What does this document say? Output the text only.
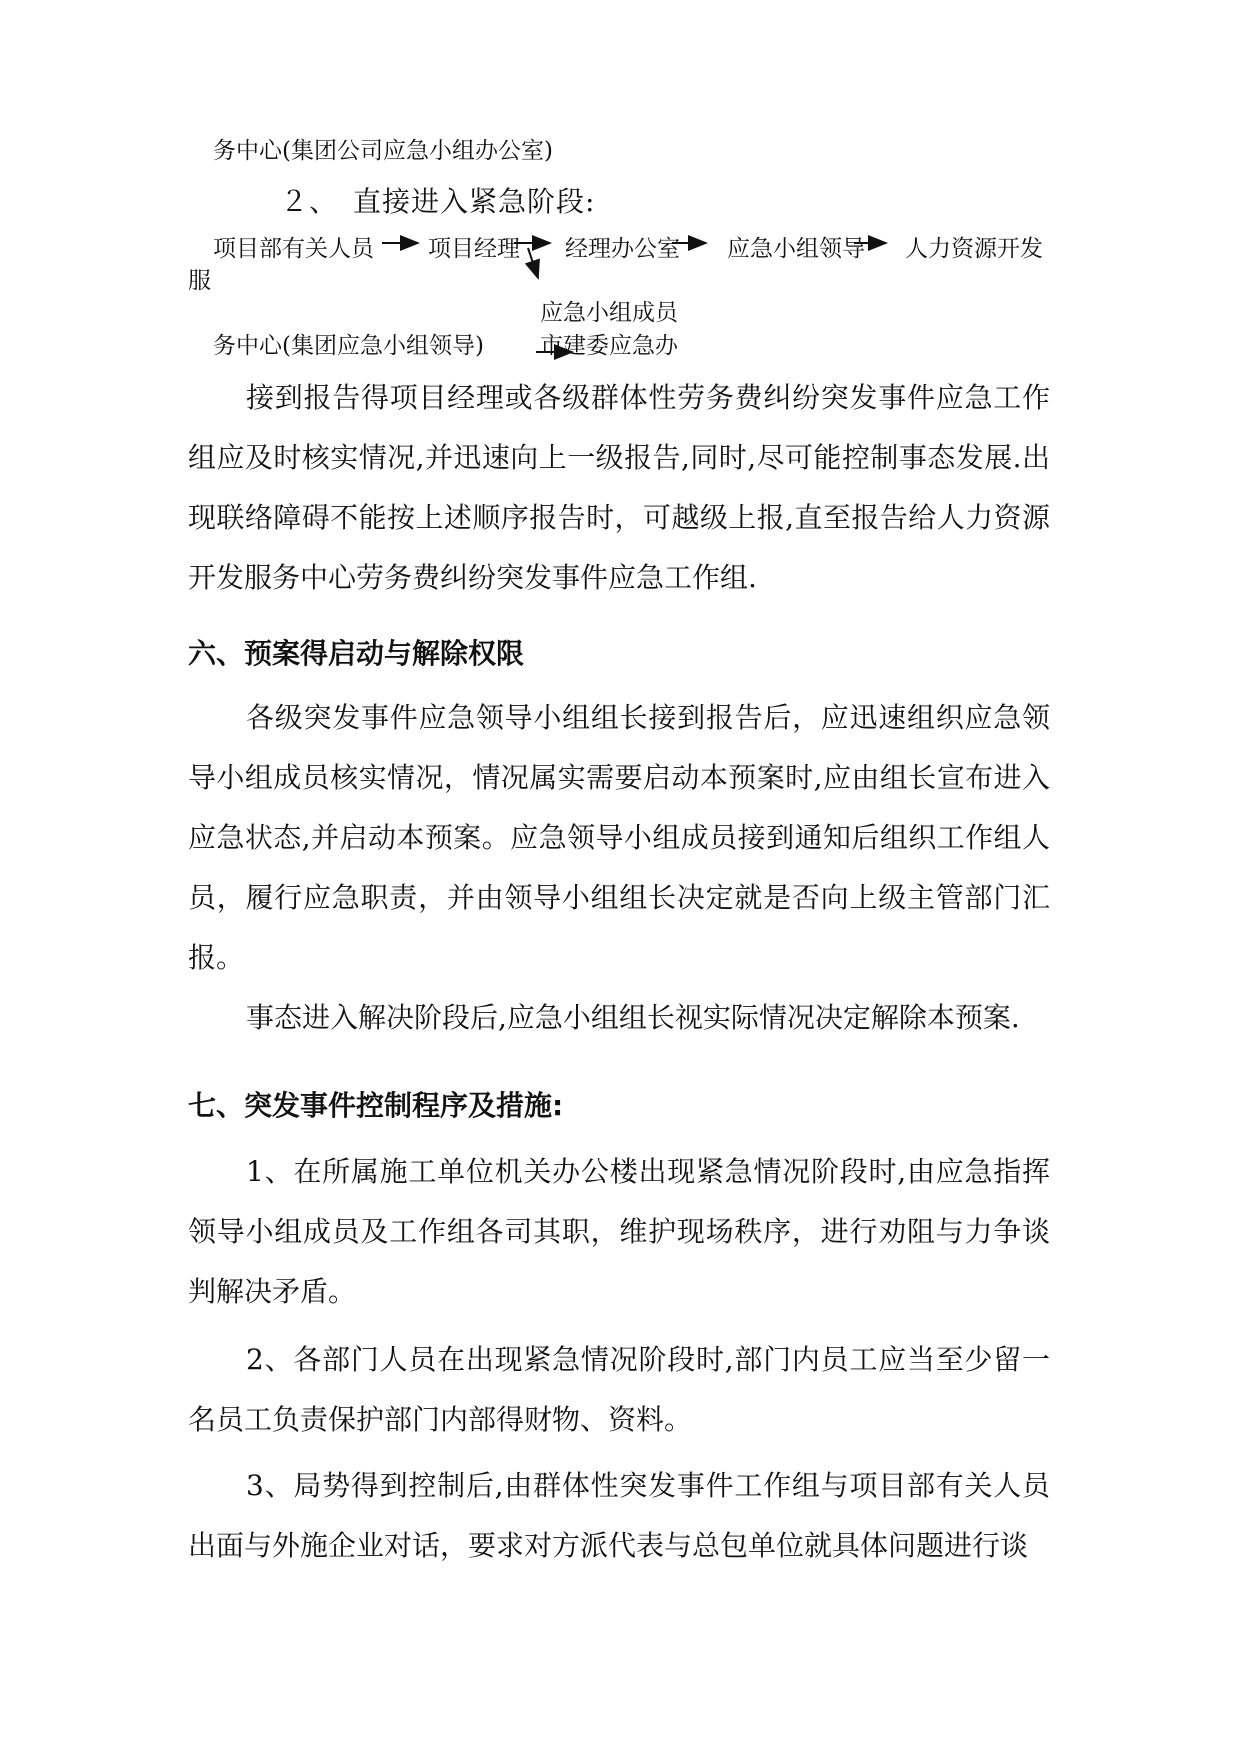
务中心(集团公司应急小组办公室)
２、　直接进入紧急阶段:
项目部有关人员 项目经理 经理办公室 应急小组领导 人力资源开发
服
应急小组成员
务中心(集团应急小组领导) 市建委应急办
接到报告得项目经理或各级群体性劳务费纠纷突发事件应急工作组应及时核实情况,并迅速向上一级报告,同时,尽可能控制事态发展.出现联络障碍不能按上述顺序报告时，可越级上报,直至报告给人力资源开发服务中心劳务费纠纷突发事件应急工作组.
六、预案得启动与解除权限
各级突发事件应急领导小组组长接到报告后，应迅速组织应急领导小组成员核实情况，情况属实需要启动本预案时,应由组长宣布进入应急状态,并启动本预案。应急领导小组成员接到通知后组织工作组人员，履行应急职责，并由领导小组组长决定就是否向上级主管部门汇报。
事态进入解决阶段后,应急小组组长视实际情况决定解除本预案.
七、突发事件控制程序及措施:
1、在所属施工单位机关办公楼出现紧急情况阶段时,由应急指挥领导小组成员及工作组各司其职，维护现场秩序，进行劝阻与力争谈判解决矛盾。
2、各部门人员在出现紧急情况阶段时,部门内员工应当至少留一名员工负责保护部门内部得财物、资料。
3、局势得到控制后,由群体性突发事件工作组与项目部有关人员出面与外施企业对话，要求对方派代表与总包单位就具体问题进行谈
